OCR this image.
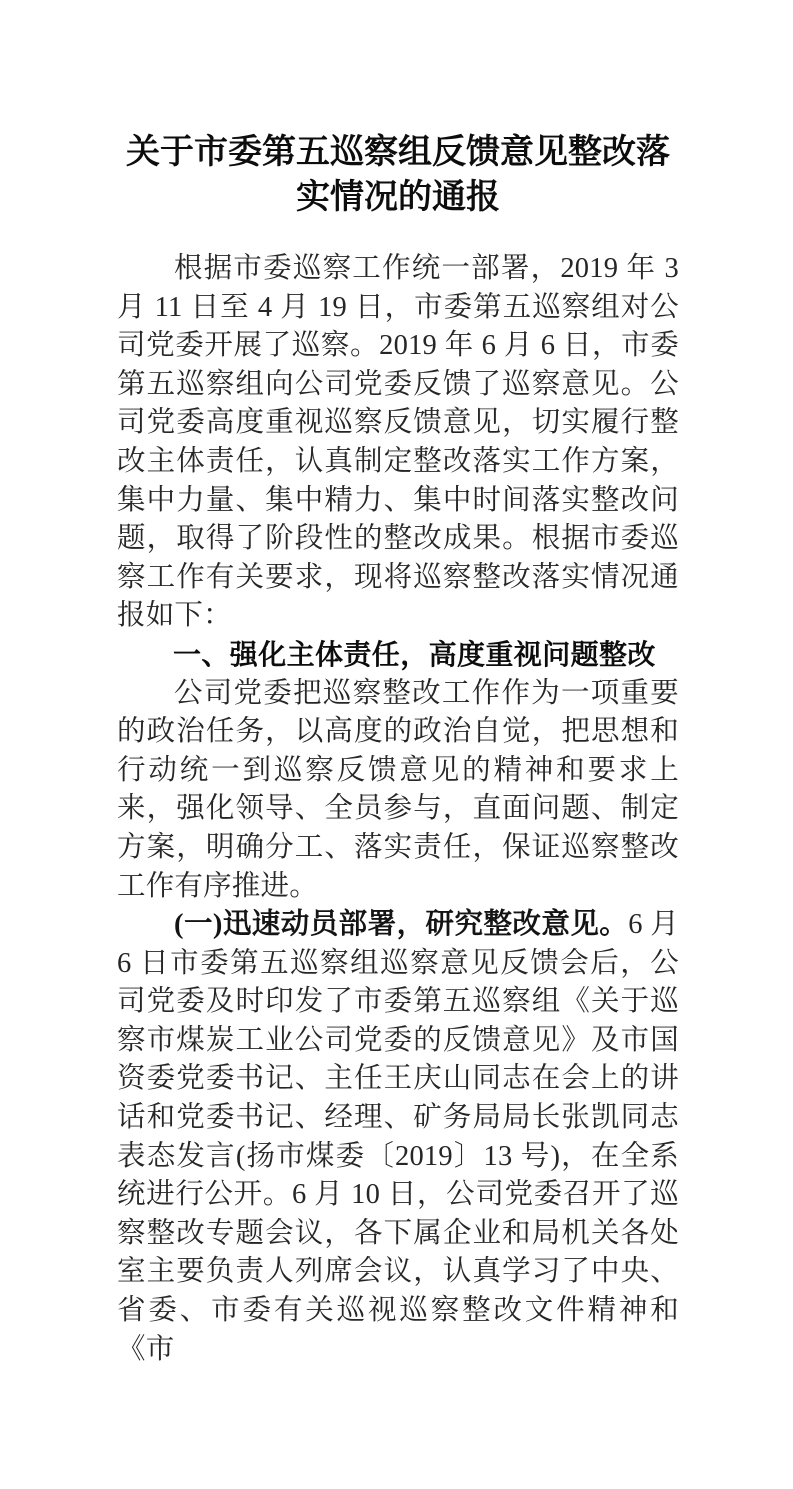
关于市委第五巡察组反馈意见整改落实情况的通报

根据市委巡察工作统一部署，2019 年 3 月 11 日至 4 月 19 日，市委第五巡察组对公司党委开展了巡察。2019 年 6 月 6 日，市委第五巡察组向公司党委反馈了巡察意见。公司党委高度重视巡察反馈意见，切实履行整改主体责任，认真制定整改落实工作方案，集中力量、集中精力、集中时间落实整改问题，取得了阶段性的整改成果。根据市委巡察工作有关要求，现将巡察整改落实情况通报如下：

一、强化主体责任，高度重视问题整改

公司党委把巡察整改工作作为一项重要的政治任务，以高度的政治自觉，把思想和行动统一到巡察反馈意见的精神和要求上来，强化领导、全员参与，直面问题、制定方案，明确分工、落实责任，保证巡察整改工作有序推进。

(一)迅速动员部署，研究整改意见。6 月 6 日市委第五巡察组巡察意见反馈会后，公司党委及时印发了市委第五巡察组《关于巡察市煤炭工业公司党委的反馈意见》及市国资委党委书记、主任王庆山同志在会上的讲话和党委书记、经理、矿务局局长张凯同志表态发言(扬市煤委〔2019〕13 号)，在全系统进行公开。6 月 10 日，公司党委召开了巡察整改专题会议，各下属企业和局机关各处室主要负责人列席会议，认真学习了中央、省委、市委有关巡视巡察整改文件精神和《市
